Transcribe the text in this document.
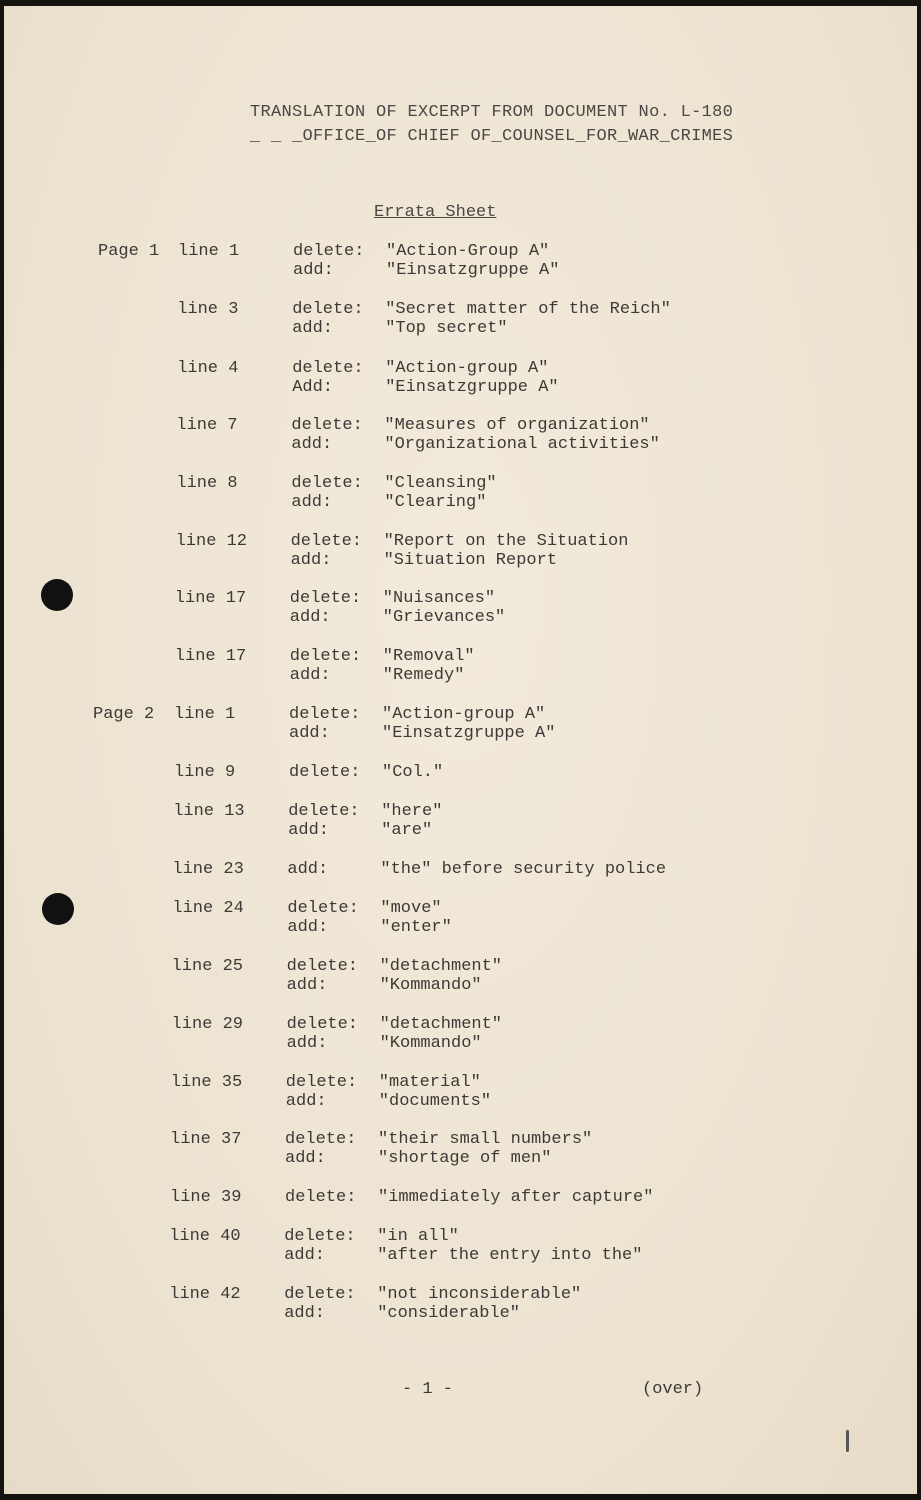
TRANSLATION OF EXCERPT FROM DOCUMENT No. L-180
_ _ _OFFICE_OF CHIEF OF_COUNSEL_FOR_WAR_CRIMES
Errata Sheet
Page 1 line 1	delete: "Action-Group A"
add:	"Einsatzgruppe A"
line 3	delete: "Secret matter of the Reich"
add:	"Top secret"
line 4	delete: "Action-group A"
Add:	"Einsatzgruppe A"
line 7	delete: "Measures of organization"
add:	"Organizational activities"
line 8	delete: "Cleansing"
add:	"Clearing"
line 12	delete: "Report on the Situation
add:	"Situation Report
line 17	delete: "Nuisances"
add:	"Grievances"
line 17	delete: "Removal"
add:	"Remedy"
Page 2 line 1	delete: "Action-group A"
add:	"Einsatzgruppe A"
line 9	delete: "Col."
line 13	delete: "here"
add:	"are"
line 23	add:	"the" before security police
line 24	delete: "move"
add:	"enter"
line 25	delete: "detachment"
add:	"Kommando"
line 29	delete: "detachment"
add:	"Kommando"
line 35	delete: "material"
add:	"documents"
line 37	delete: "their small numbers"
add:	"shortage of men"
line 39	delete: "immediately after capture"
line 40	delete: "in all"
add:	"after the entry into the"
line 42	delete: "not inconsiderable"
add:	"considerable"
- 1 -	(over)
